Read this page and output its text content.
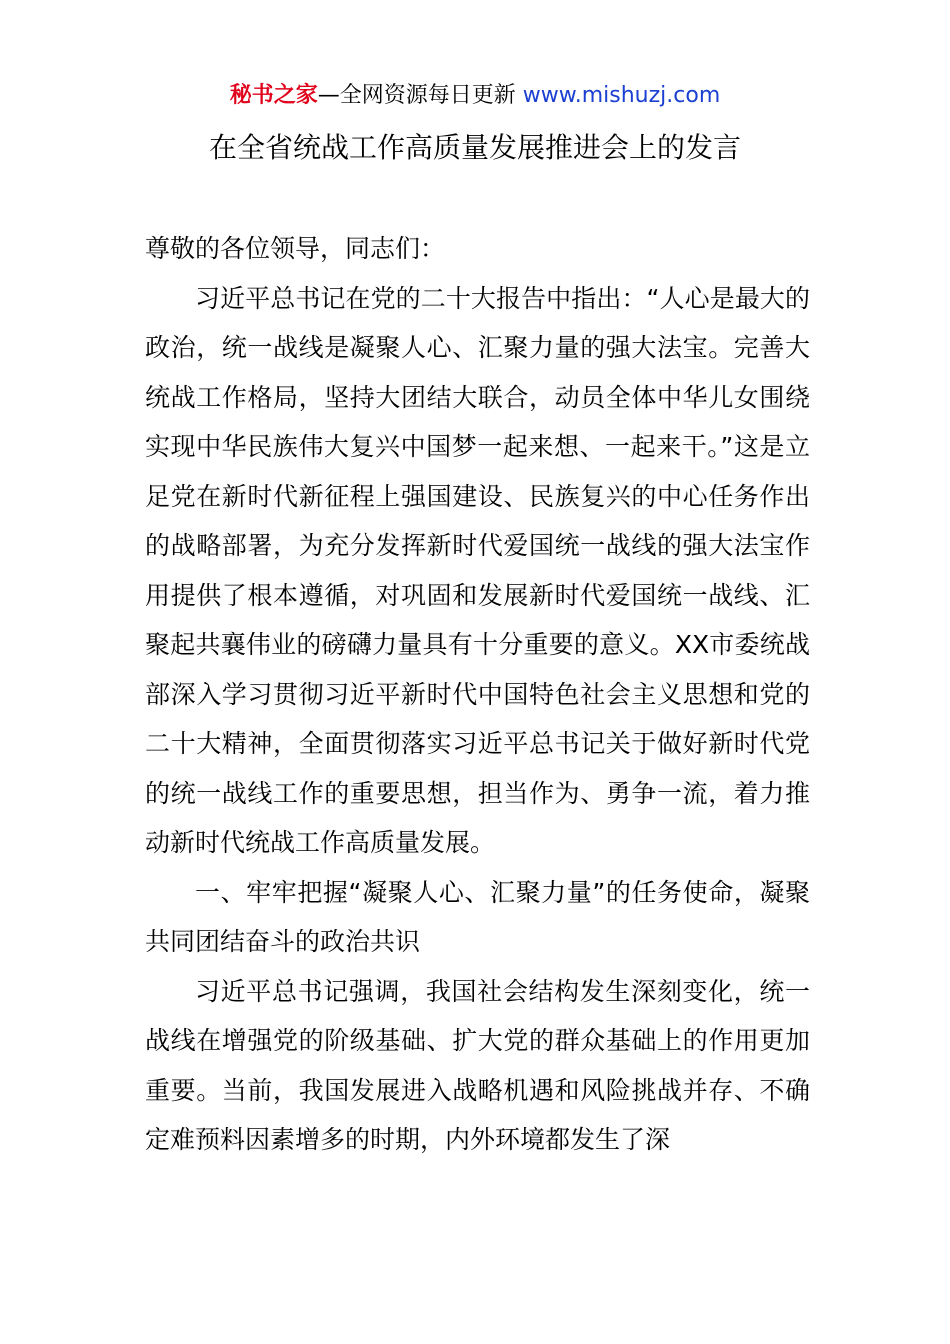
秘书之家—全网资源每日更新 www.mishuzj.com
在全省统战工作高质量发展推进会上的发言

尊敬的各位领导，同志们：

习近平总书记在党的二十大报告中指出：“人心是最大的政治，统一战线是凝聚人心、汇聚力量的强大法宝。完善大统战工作格局，坚持大团结大联合，动员全体中华儿女围绕实现中华民族伟大复兴中国梦一起来想、一起来干。”这是立足党在新时代新征程上强国建设、民族复兴的中心任务作出的战略部署，为充分发挥新时代爱国统一战线的强大法宝作用提供了根本遵循，对巩固和发展新时代爱国统一战线、汇聚起共襄伟业的磅礴力量具有十分重要的意义。XX市委统战部深入学习贯彻习近平新时代中国特色社会主义思想和党的二十大精神，全面贯彻落实习近平总书记关于做好新时代党的统一战线工作的重要思想，担当作为、勇争一流，着力推动新时代统战工作高质量发展。

一、牢牢把握“凝聚人心、汇聚力量”的任务使命，凝聚共同团结奋斗的政治共识

习近平总书记强调，我国社会结构发生深刻变化，统一战线在增强党的阶级基础、扩大党的群众基础上的作用更加重要。当前，我国发展进入战略机遇和风险挑战并存、不确定难预料因素增多的时期，内外环境都发生了深
